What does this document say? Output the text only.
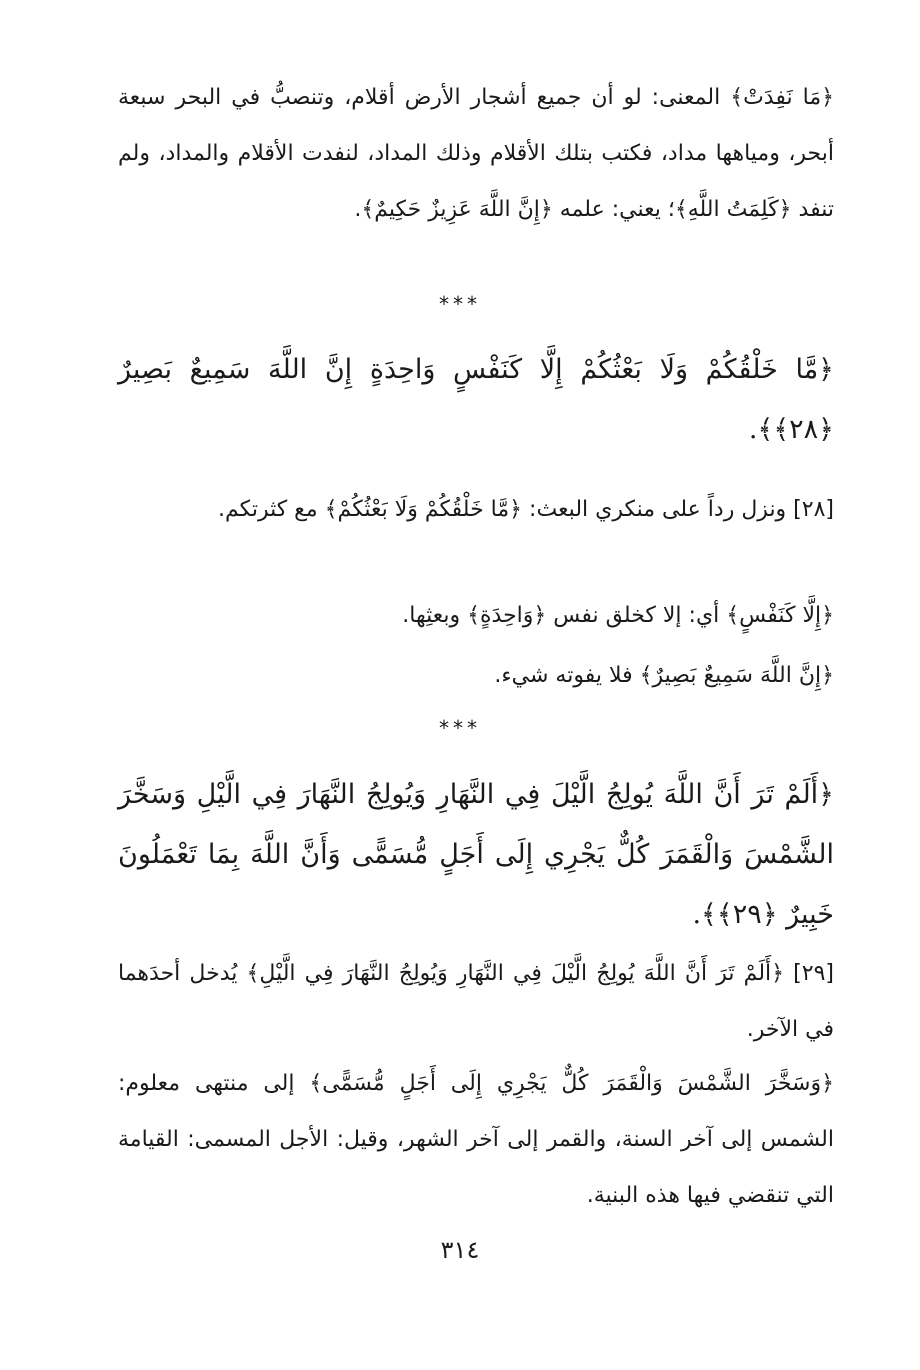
﴿مَا نَفِدَتْ﴾ المعنى: لو أن جميع أشجار الأرض أقلام، وتنصبُّ في البحر سبعة أبحر، ومياهها مداد، فكتب بتلك الأقلام وذلك المداد، لنفدت الأقلام والمداد، ولم تنفد ﴿كَلِمَتُ اللَّهِ﴾؛ يعني: علمه ﴿إِنَّ اللَّهَ عَزِيزٌ حَكِيمٌ﴾.

***

﴿مَّا خَلْقُكُمْ وَلَا بَعْثُكُمْ إِلَّا كَنَفْسٍ وَاحِدَةٍ إِنَّ اللَّهَ سَمِيعٌ بَصِيرٌ ﴿٢٨﴾﴾.

[٢٨] ونزل رداً على منكري البعث: ﴿مَّا خَلْقُكُمْ وَلَا بَعْثُكُمْ﴾ مع كثرتكم.

﴿إِلَّا كَنَفْسٍ﴾ أي: إلا كخلق نفس ﴿وَاحِدَةٍ﴾ وبعثِها.

﴿إِنَّ اللَّهَ سَمِيعٌ بَصِيرٌ﴾ فلا يفوته شيء.

***

﴿أَلَمْ تَرَ أَنَّ اللَّهَ يُولِجُ الَّيْلَ فِي النَّهَارِ وَيُولِجُ النَّهَارَ فِي الَّيْلِ وَسَخَّرَ الشَّمْسَ وَالْقَمَرَ كُلٌّ يَجْرِي إِلَى أَجَلٍ مُّسَمًّى وَأَنَّ اللَّهَ بِمَا تَعْمَلُونَ خَبِيرٌ ﴿٢٩﴾﴾.

[٢٩] ﴿أَلَمْ تَرَ أَنَّ اللَّهَ يُولِجُ الَّيْلَ فِي النَّهَارِ وَيُولِجُ النَّهَارَ فِي الَّيْلِ﴾ يُدخل أحدَهما في الآخر.

﴿وَسَخَّرَ الشَّمْسَ وَالْقَمَرَ كُلٌّ يَجْرِي إِلَى أَجَلٍ مُّسَمًّى﴾ إلى منتهى معلوم: الشمس إلى آخر السنة، والقمر إلى آخر الشهر، وقيل: الأجل المسمى: القيامة التي تنقضي فيها هذه البنية.

٣١٤
